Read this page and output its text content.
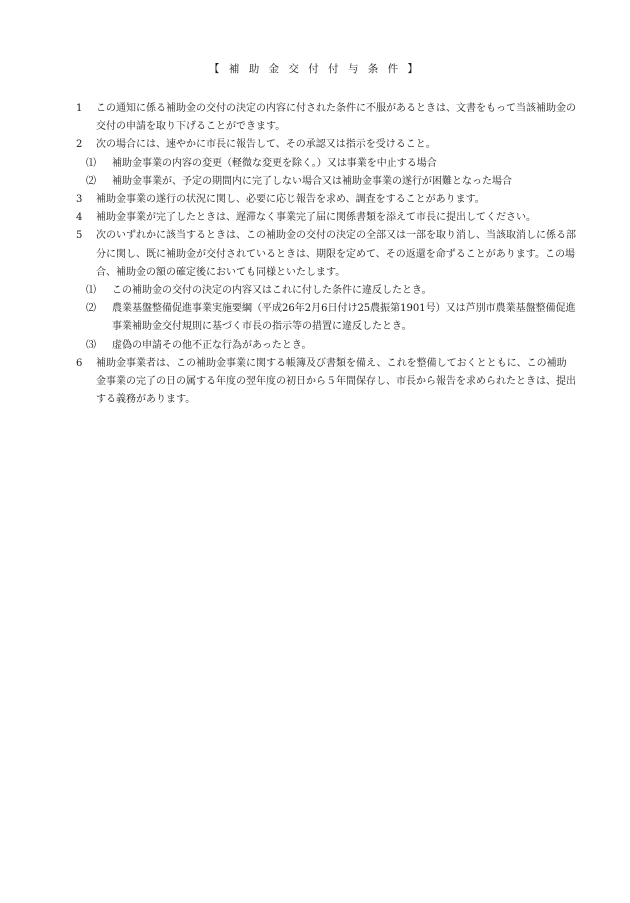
【 補 助 金 交 付 付 与 条 件 】
1 この通知に係る補助金の交付の決定の内容に付された条件に不服があるときは、文書をもって当該補助金の交付の申請を取り下げることができます。
2 次の場合には、速やかに市長に報告して、その承認又は指示を受けること。
⑴ 補助金事業の内容の変更（軽微な変更を除く。）又は事業を中止する場合
⑵ 補助金事業が、予定の期間内に完了しない場合又は補助金事業の遂行が困難となった場合
3 補助金事業の遂行の状況に関し、必要に応じ報告を求め、調査をすることがあります。
4 補助金事業が完了したときは、遅滞なく事業完了届に関係書類を添えて市長に提出してください。
5 次のいずれかに該当するときは、この補助金の交付の決定の全部又は一部を取り消し、当該取消しに係る部分に関し、既に補助金が交付されているときは、期限を定めて、その返還を命ずることがあります。この場合、補助金の額の確定後においても同様といたします。
⑴ この補助金の交付の決定の内容又はこれに付した条件に違反したとき。
⑵ 農業基盤整備促進事業実施要綱（平成26年2月6日付け25農振第1901号）又は芦別市農業基盤整備促進事業補助金交付規則に基づく市長の指示等の措置に違反したとき。
⑶ 虚偽の申請その他不正な行為があったとき。
6 補助金事業者は、この補助金事業に関する帳簿及び書類を備え、これを整備しておくとともに、この補助金事業の完了の日の属する年度の翌年度の初日から５年間保存し、市長から報告を求められたときは、提出する義務があります。
